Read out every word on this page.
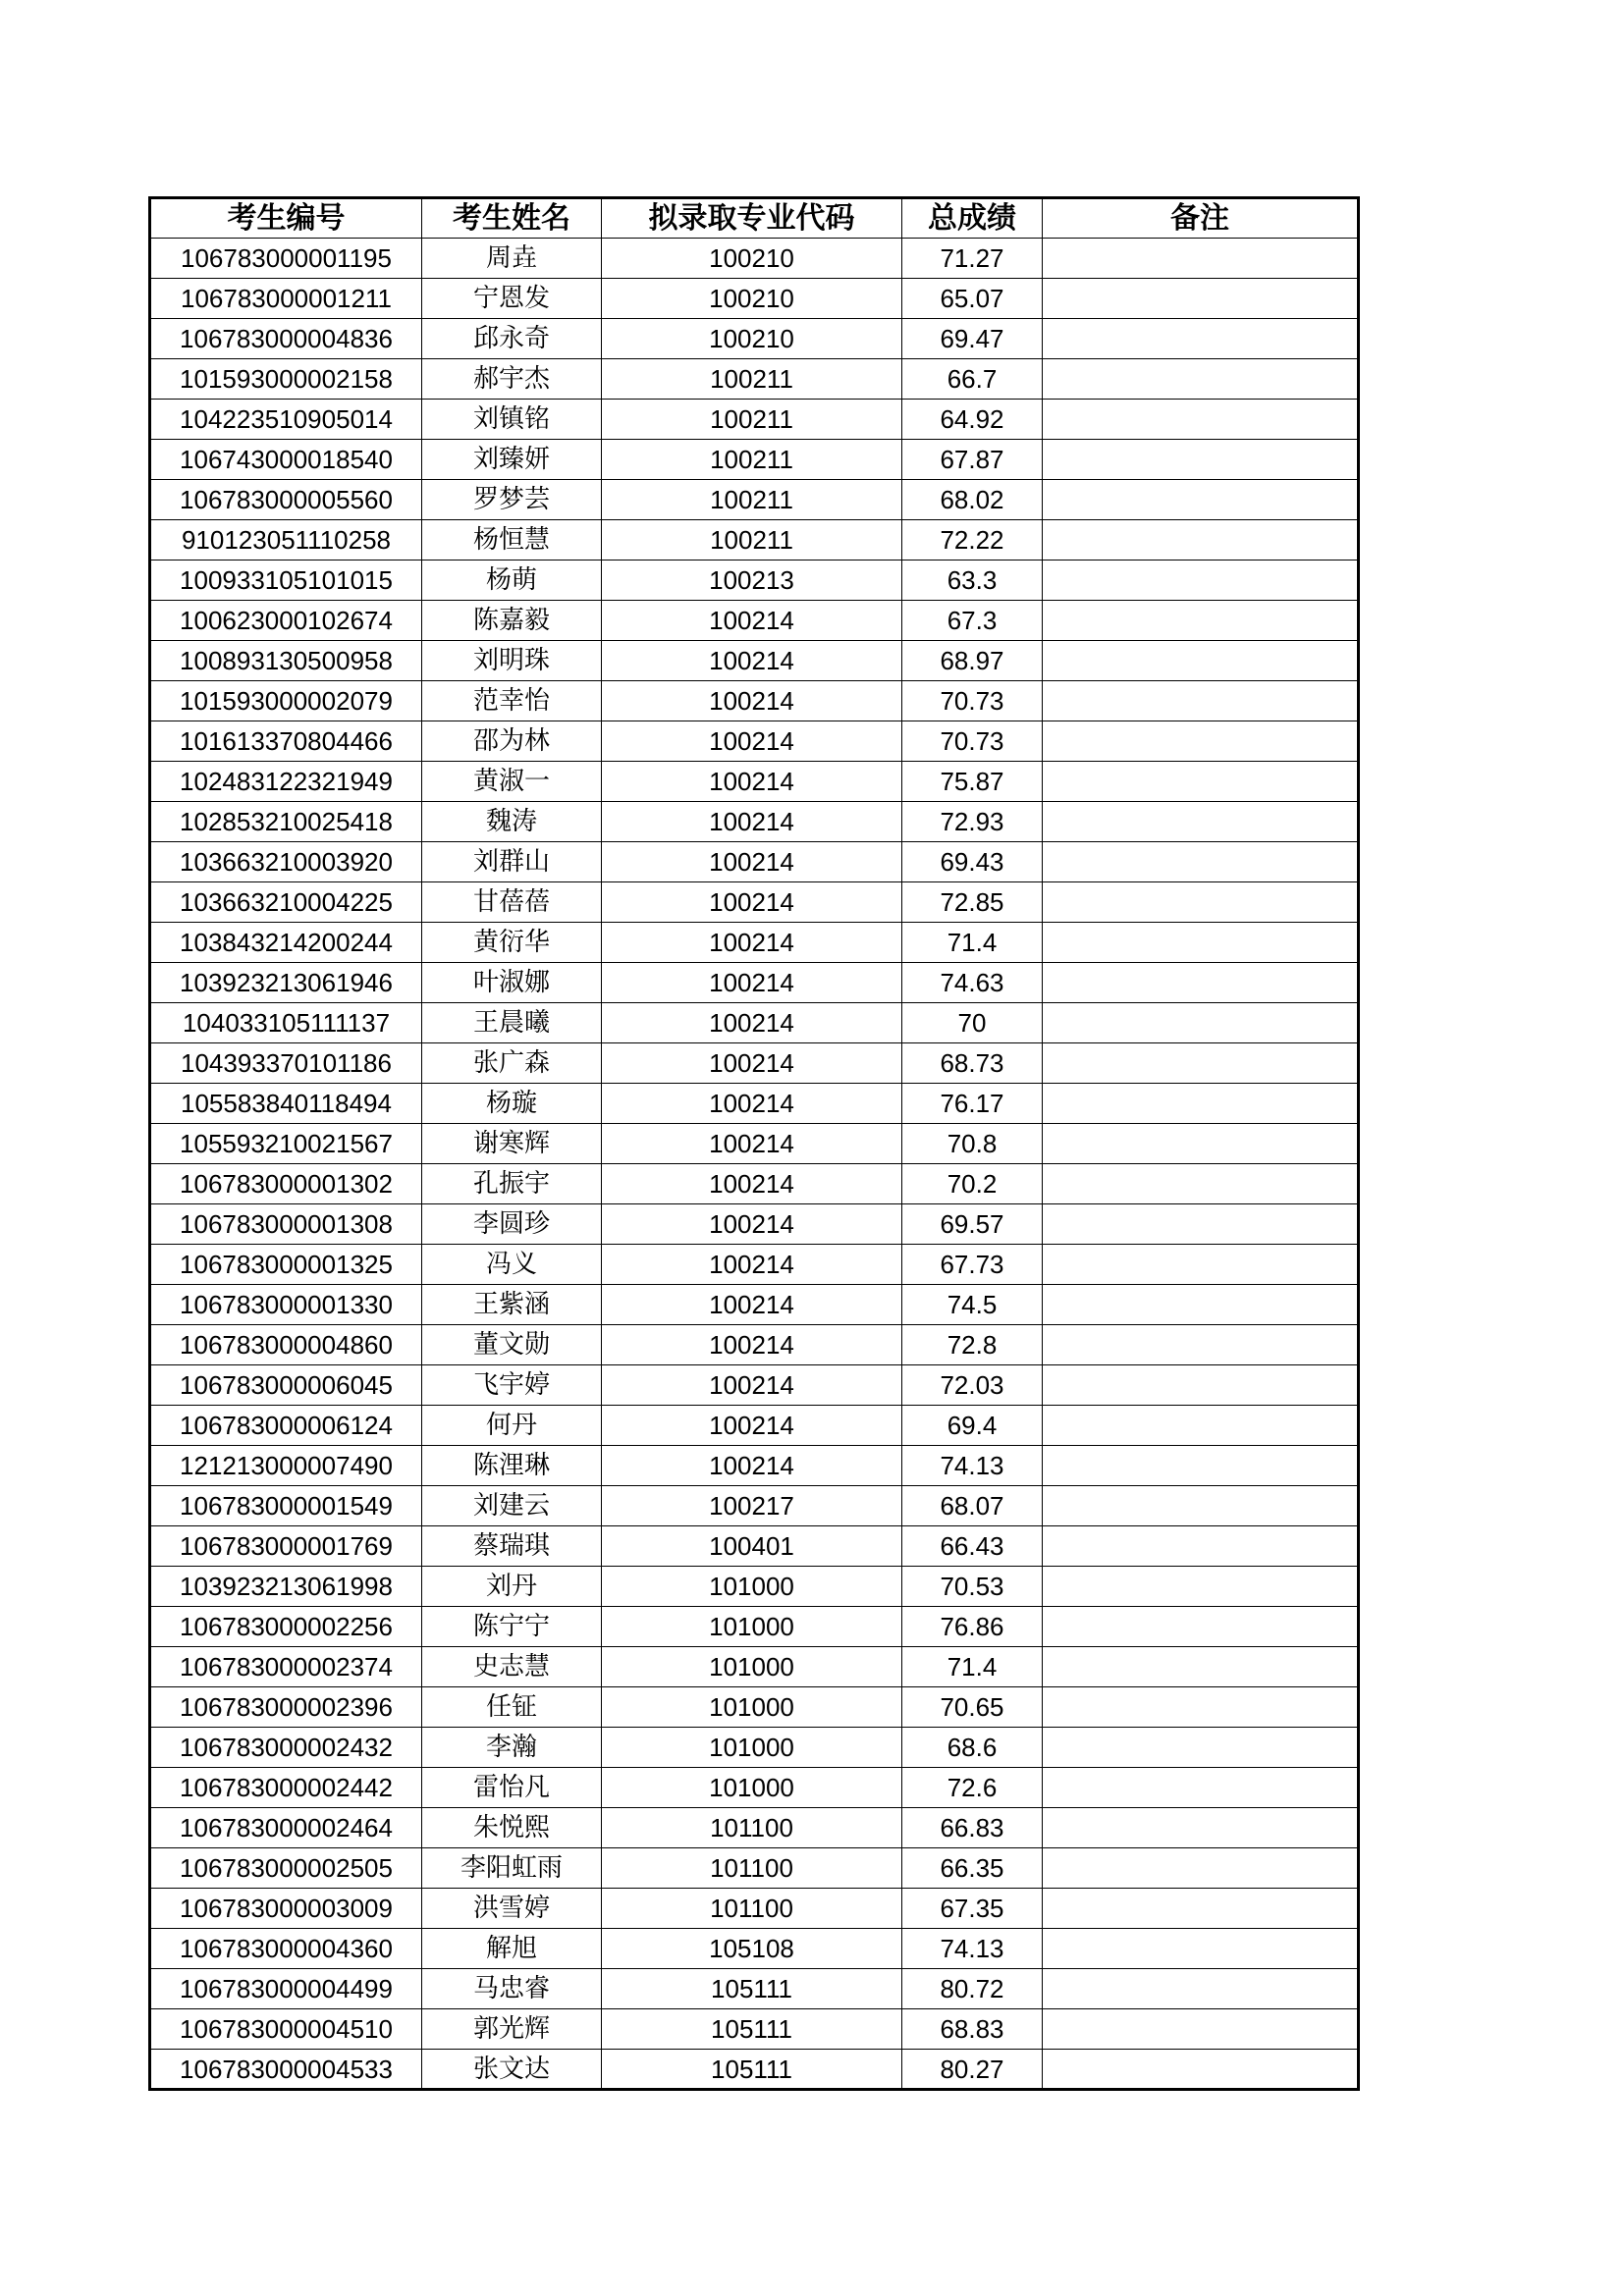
考生编号	考生姓名	拟录取专业代码	总成绩	备注
106783000001195	周垚	100210	71.27	
106783000001211	宁恩发	100210	65.07	
106783000004836	邱永奇	100210	69.47	
101593000002158	郝宇杰	100211	66.7	
104223510905014	刘镇铭	100211	64.92	
106743000018540	刘臻妍	100211	67.87	
106783000005560	罗梦芸	100211	68.02	
910123051110258	杨恒慧	100211	72.22	
100933105101015	杨萌	100213	63.3	
100623000102674	陈嘉毅	100214	67.3	
100893130500958	刘明珠	100214	68.97	
101593000002079	范幸怡	100214	70.73	
101613370804466	邵为林	100214	70.73	
102483122321949	黄淑一	100214	75.87	
102853210025418	魏涛	100214	72.93	
103663210003920	刘群山	100214	69.43	
103663210004225	甘蓓蓓	100214	72.85	
103843214200244	黄衍华	100214	71.4	
103923213061946	叶淑娜	100214	74.63	
104033105111137	王晨曦	100214	70	
104393370101186	张广森	100214	68.73	
105583840118494	杨璇	100214	76.17	
105593210021567	谢寒辉	100214	70.8	
106783000001302	孔振宇	100214	70.2	
106783000001308	李圆珍	100214	69.57	
106783000001325	冯义	100214	67.73	
106783000001330	王紫涵	100214	74.5	
106783000004860	董文勋	100214	72.8	
106783000006045	飞宇婷	100214	72.03	
106783000006124	何丹	100214	69.4	
121213000007490	陈浬琳	100214	74.13	
106783000001549	刘建云	100217	68.07	
106783000001769	蔡瑞琪	100401	66.43	
103923213061998	刘丹	101000	70.53	
106783000002256	陈宁宁	101000	76.86	
106783000002374	史志慧	101000	71.4	
106783000002396	任钲	101000	70.65	
106783000002432	李瀚	101000	68.6	
106783000002442	雷怡凡	101000	72.6	
106783000002464	朱悦熙	101100	66.83	
106783000002505	李阳虹雨	101100	66.35	
106783000003009	洪雪婷	101100	67.35	
106783000004360	解旭	105108	74.13	
106783000004499	马忠睿	105111	80.72	
106783000004510	郭光辉	105111	68.83	
106783000004533	张文达	105111	80.27	
